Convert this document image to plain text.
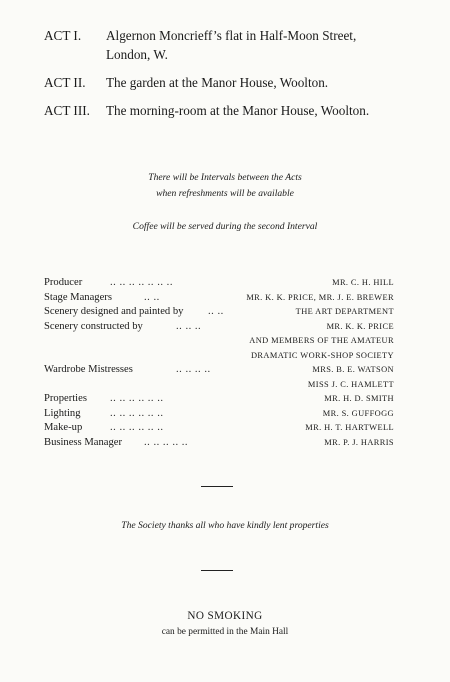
ACT I.	Algernon Moncrieff’s flat in Half-Moon Street,
London, W.
ACT II.	The garden at the Manor House, Woolton.
ACT III.	The morning-room at the Manor House, Woolton.
There will be Intervals between the Acts
when refreshments will be available
Coffee will be served during the second Interval
Producer	.. .. .. .. .. .. ..	MR. C. H. HILL
Stage Managers	.. ..	MR. K. K. PRICE, MR. J. E. BREWER
Scenery designed and painted by .. ..	THE ART DEPARTMENT
Scenery constructed by	.. .. ..	MR. K. K. PRICE
AND MEMBERS OF THE AMATEUR
DRAMATIC WORK-SHOP SOCIETY
Wardrobe Mistresses	.. .. .. ..	MRS. B. E. WATSON
MISS J. C. HAMLETT
Properties .. .. .. .. .. ..	MR. H. D. SMITH
Lighting	.. .. .. .. .. ..	MR. S. GUFFOGG
Make-up	.. .. .. .. .. ..	MR. H. T. HARTWELL
Business Manager .. .. .. .. ..	MR. P. J. HARRIS
The Society thanks all who have kindly lent properties
NO SMOKING
can be permitted in the Main Hall
